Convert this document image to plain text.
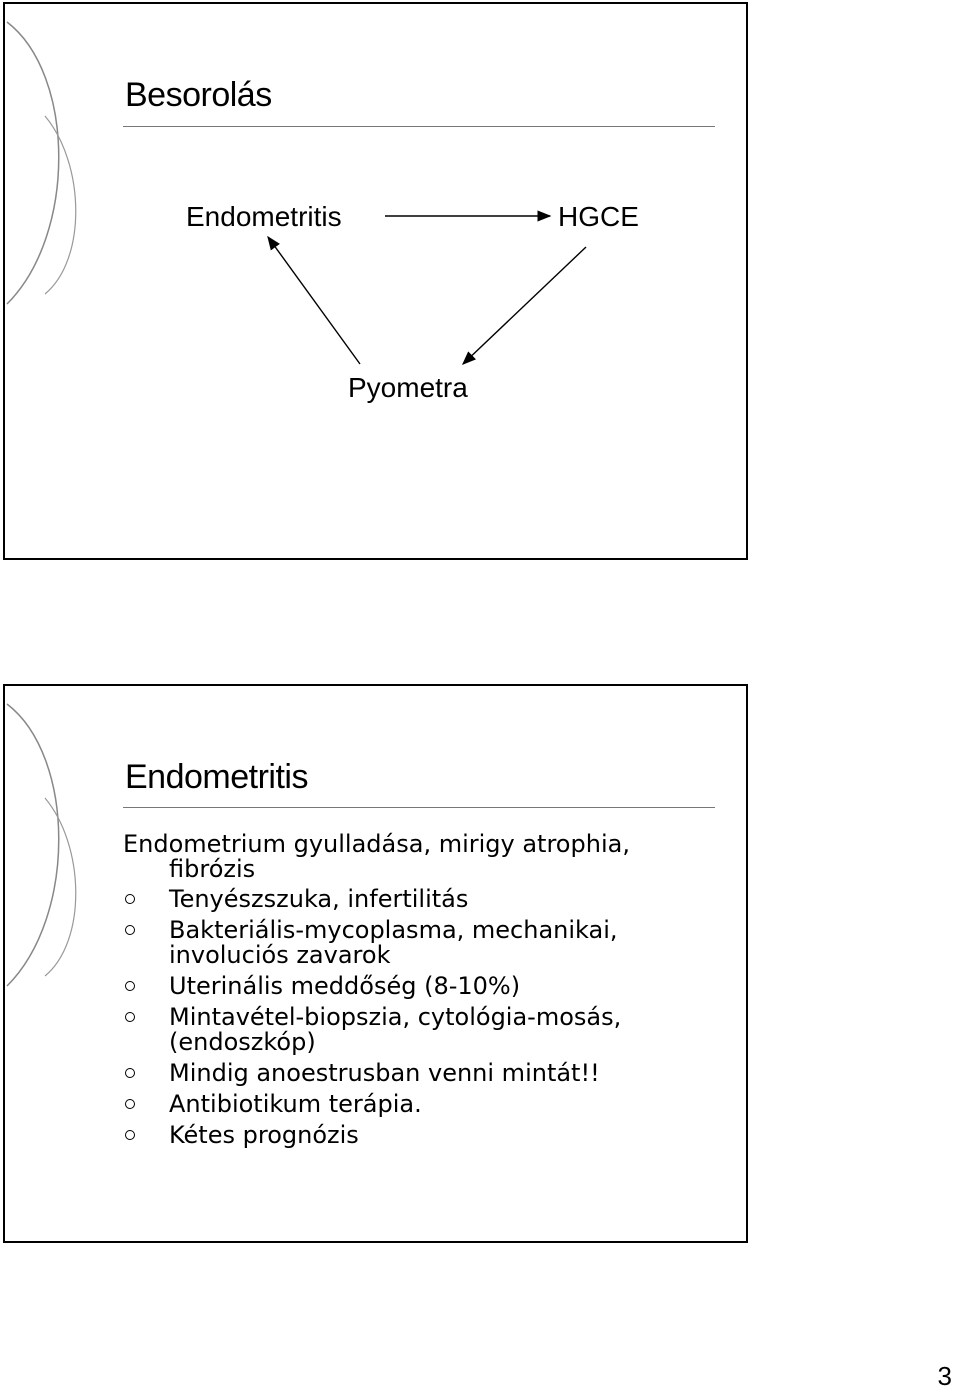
Besorolás
Endometritis	HGCE
Pyometra
Endometritis
Endometrium gyulladása, mirigy atrophia,
fibrózis
Tenyészszuka, infertilitás
Bakteriális-mycoplasma, mechanikai, involuciós zavarok
Uterinális meddőség (8-10%)
Mintavétel-biopszia, cytológia-mosás, (endoszkóp)
Mindig anoestrusban venni mintát!!
Antibiotikum terápia.
Kétes prognózis
3
